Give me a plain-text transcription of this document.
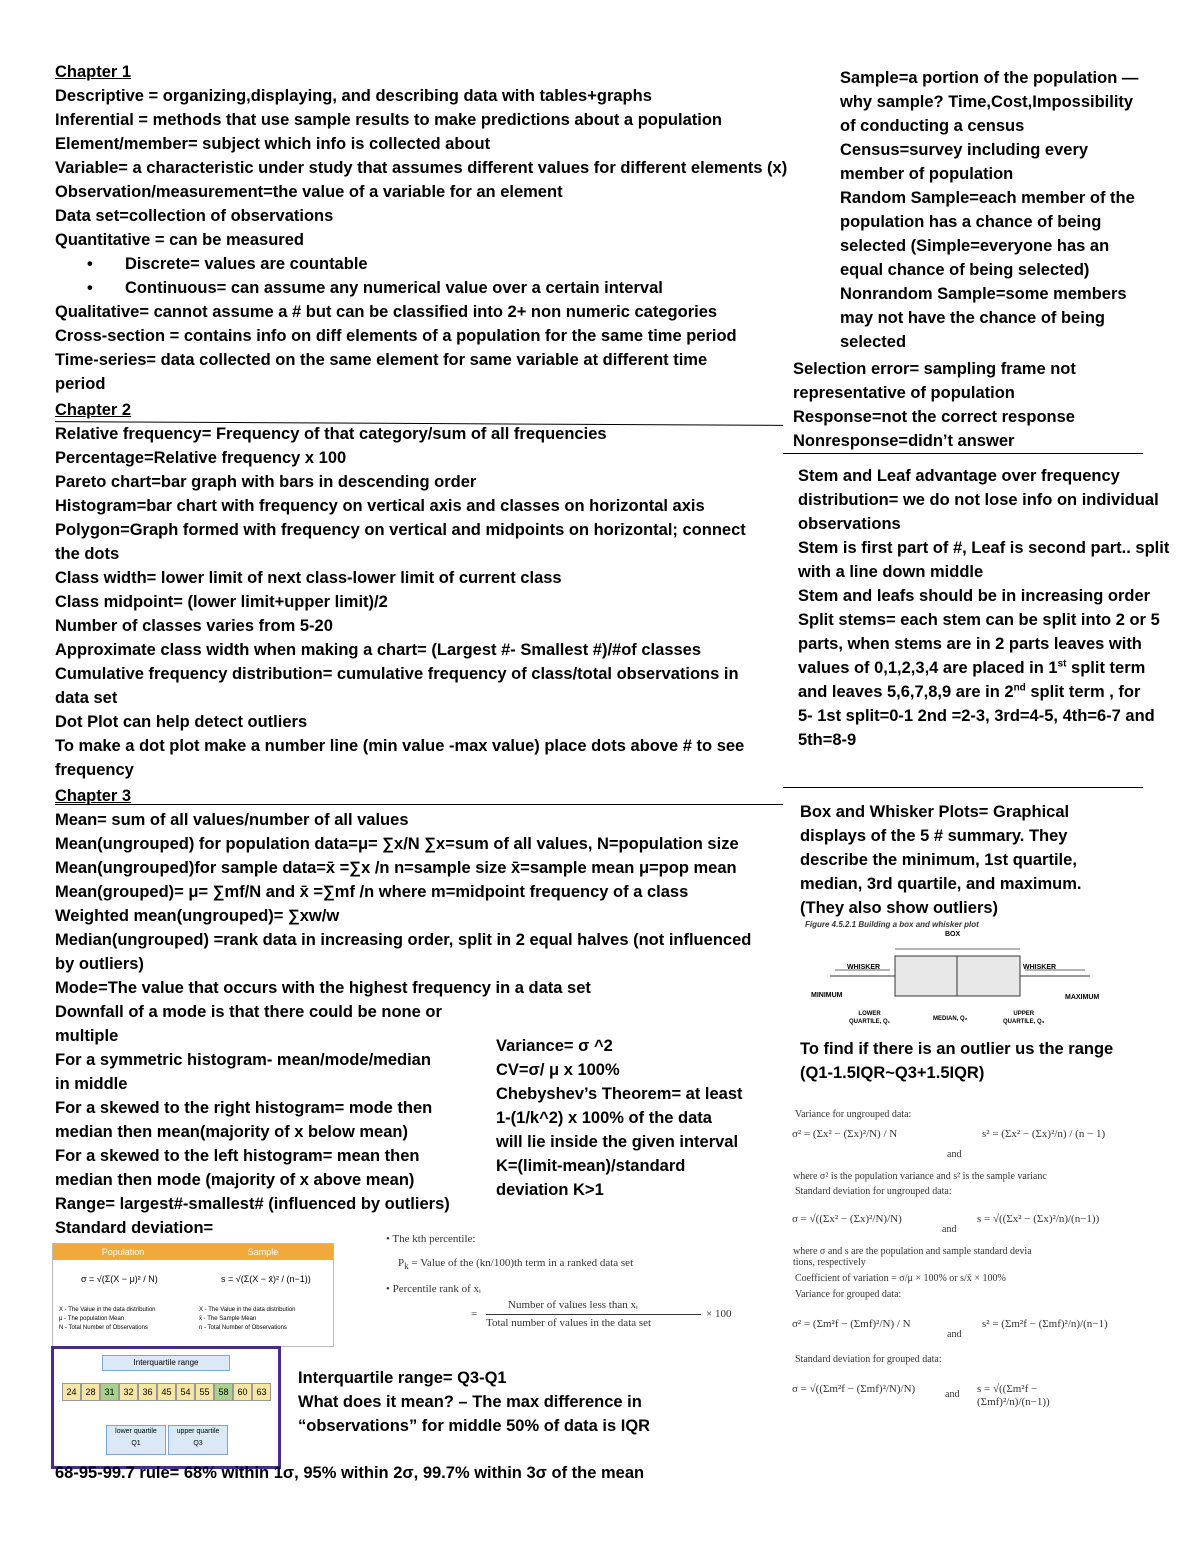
Chapter 1
Descriptive = organizing,displaying, and describing data with tables+graphs
Inferential = methods that use sample results to make predictions about a population
Element/member= subject which info is collected about
Variable= a characteristic under study that assumes different values for different elements (x)
Observation/measurement=the value of a variable for an element
Data set=collection of observations
Quantitative = can be measured
• Discrete= values are countable
• Continuous= can assume any numerical value over a certain interval
Qualitative= cannot assume a # but can be classified into 2+ non numeric categories
Cross-section = contains info on diff elements of a population for the same time period
Time-series= data collected on the same element for same variable at different time
period
Sample=a portion of the population —
why sample? Time,Cost,Impossibility
of conducting a census
Census=survey including every
member of population
Random Sample=each member of the
population has a chance of being
selected (Simple=everyone has an
equal chance of being selected)
Nonrandom Sample=some members
may not have the chance of being
selected
Selection error= sampling frame not
representative of population
Response=not the correct response
Nonresponse=didn’t answer
Chapter 2
Relative frequency= Frequency of that category/sum of all frequencies
Percentage=Relative frequency x 100
Pareto chart=bar graph with bars in descending order
Histogram=bar chart with frequency on vertical axis and classes on horizontal axis
Polygon=Graph formed with frequency on vertical and midpoints on horizontal; connect
the dots
Class width= lower limit of next class-lower limit of current class
Class midpoint= (lower limit+upper limit)/2
Number of classes varies from 5-20
Approximate class width when making a chart= (Largest #- Smallest #)/#of classes
Cumulative frequency distribution= cumulative frequency of class/total observations in
data set
Dot Plot can help detect outliers
To make a dot plot make a number line (min value -max value) place dots above # to see
frequency
Stem and Leaf advantage over frequency
distribution= we do not lose info on individual
observations
Stem is first part of #, Leaf is second part.. split
with a line down middle
Stem and leafs should be in increasing order
Split stems= each stem can be split into 2 or 5
parts, when stems are in 2 parts leaves with
values of 0,1,2,3,4 are placed in 1st split term
and leaves 5,6,7,8,9 are in 2nd split term , for
5- 1st split=0-1 2nd =2-3, 3rd=4-5, 4th=6-7 and
5th=8-9
Chapter 3
Mean= sum of all values/number of all values
Mean(ungrouped) for population data=μ= ∑x/N ∑x=sum of all values, N=population size
Mean(ungrouped)for sample data=x̄ =∑x /n n=sample size x̄=sample mean μ=pop mean
Mean(grouped)= μ= ∑mf/N and x̄ =∑mf /n where m=midpoint frequency of a class
Weighted mean(ungrouped)= ∑xw/w
Median(ungrouped) =rank data in increasing order, split in 2 equal halves (not influenced
by outliers)
Mode=The value that occurs with the highest frequency in a data set
Downfall of a mode is that there could be none or
multiple
For a symmetric histogram- mean/mode/median
in middle
For a skewed to the right histogram= mode then
median then mean(majority of x below mean)
For a skewed to the left histogram= mean then
median then mode (majority of x above mean)
Range= largest#-smallest# (influenced by outliers)
Standard deviation=
Variance= σ ^2
CV=σ/ μ x 100%
Chebyshev’s Theorem= at least
1-(1/k^2) x 100% of the data
will lie inside the given interval
K=(limit-mean)/standard
deviation K>1
Box and Whisker Plots= Graphical
displays of the 5 # summary. They
describe the minimum, 1st quartile,
median, 3rd quartile, and maximum.
(They also show outliers)
Figure 4.5.2.1 Building a box and whisker plot
BOX
WHISKER	WHISKER
MINIMUM	MAXIMUM
LOWER
QUARTILE, Q₁	MEDIAN, Q₂
UPPER
QUARTILE, Q₃
To find if there is an outlier us the range
(Q1-1.5IQR~Q3+1.5IQR)
Variance for ungrouped data:
σ² = (Σx² − (Σx)²/N) / N
and
s² = (Σx² − (Σx)²/n) / (n − 1)
where σ² is the population variance and s² is the sample varianc
Standard deviation for ungrouped data:
σ = √((Σx² − (Σx)²/N)/N)
and
s = √((Σx² − (Σx)²/n)/(n−1))
where σ and s are the population and sample standard devia
tions, respectively
Coefficient of variation = σ/μ × 100% or s/x̄ × 100%
Variance for grouped data:
σ² = (Σm²f − (Σmf)²/N) / N
and
s² = (Σm²f − (Σmf)²/n)/(n−1)
Standard deviation for grouped data:
σ = √((Σm²f − (Σmf)²/N)/N)	and s = √((Σm²f − (Σmf)²/n)/(n−1))
Population	Sample
σ = √(Σ(X − μ)² / N)	s = √(Σ(X − x̄)² / (n−1))
X - The Value in the data distribution
μ - The population Mean
N - Total Number of Observations
X - The Value in the data distribution
x̄ - The Sample Mean
n - Total Number of Observations
• The kth percentile:
$P_k$ = Value of the (kn/100)th term in a ranked data set
• Percentile rank of xᵢ
Number of values less than xᵢ
=
Total number of values in the data set
× 100
Interquartile range
24 28 31 32 36 45 54 55 58 60 63
lower quartile
Q1
upper quartile
Q3
Interquartile range= Q3-Q1
What does it mean? – The max difference in
“observations” for middle 50% of data is IQR
68-95-99.7 rule= 68% within 1σ, 95% within 2σ, 99.7% within 3σ of the mean
